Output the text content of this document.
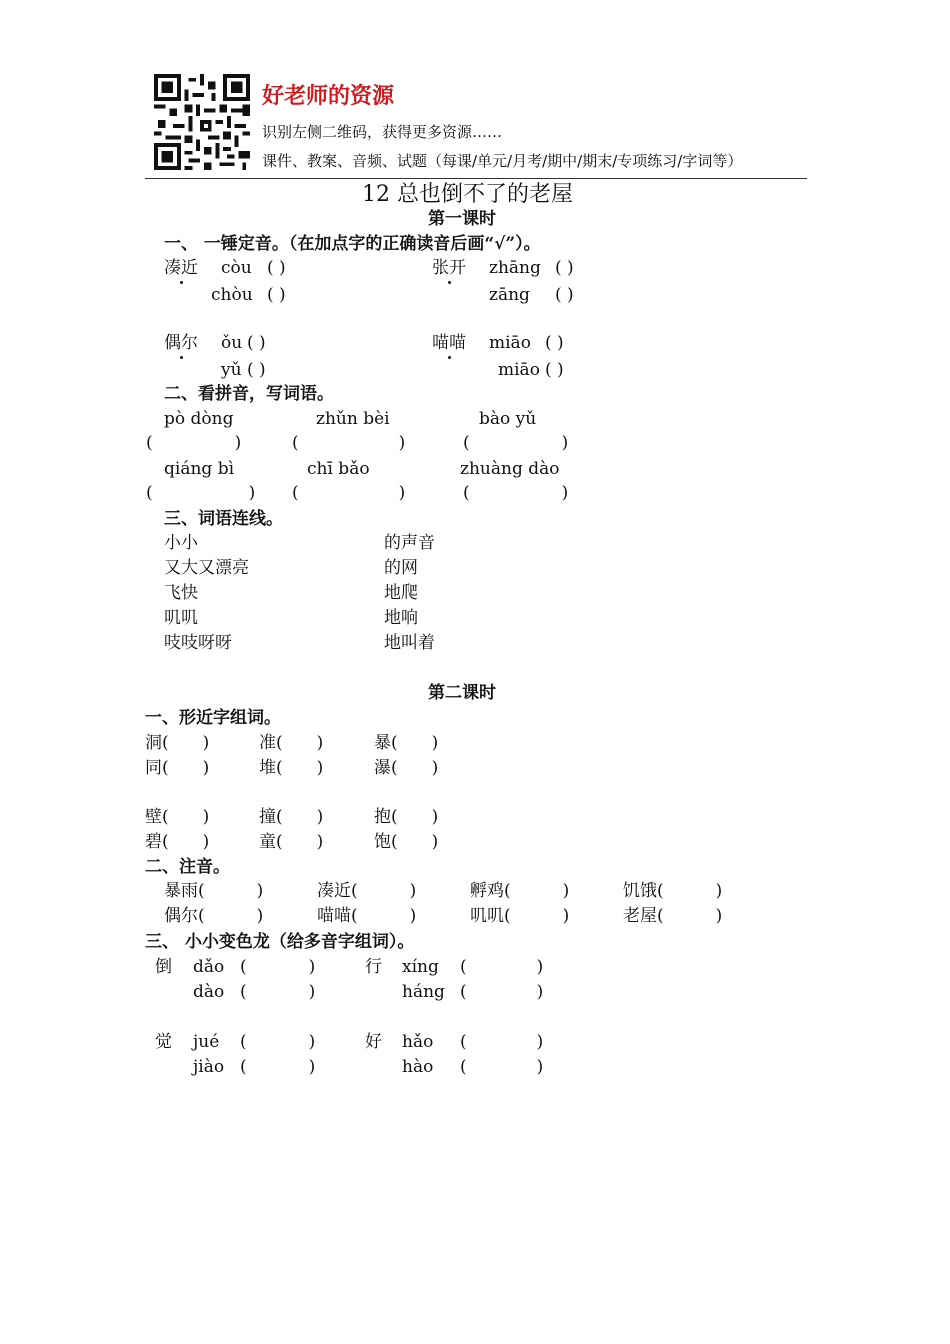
好老师的资源
识别左侧二维码，获得更多资源……
课件、教案、音频、试题（每课/单元/月考/期中/期末/专项练习/字词等）
12 总也倒不了的老屋
第一课时
一、 一锤定音。（在加点字的正确读音后画“√”）。
凑近 còu ( )
chòu ( )
张开 zhāng ( )
zāng ( )
偶尔 ǒu ( )
yǔ ( )
喵喵 miāo ( )
miāo ( )
二、看拼音，写词语。
pò dòng	zhǔn bèi	bào yǔ
(	)	(	)	(	)
qiáng bì	chī bǎo	zhuàng dào
(	) (	)	(	)
三、词语连线。
小小
又大又漂亮
飞快
叽叽
吱吱呀呀
的声音
的网
地爬
地响
地叫着
第二课时
一、形近字组词。
洞( )	准( )	暴( )
同( )	堆( )	瀑( )
壁( )	撞( )	抱( )
碧( )	童( )	饱( )
二、注音。
暴雨(	)	凑近(	)	孵鸡(	)	饥饿(	)
偶尔(	)	喵喵(	)	叽叽(	)	老屋(	)
三、 小小变色龙（给多音字组词）。
倒 dǎo (	)
dào (	)
行 xíng (	)
háng (	)
觉 jué (	)
jiào (	)
好 hǎo (	)
hào (	)
